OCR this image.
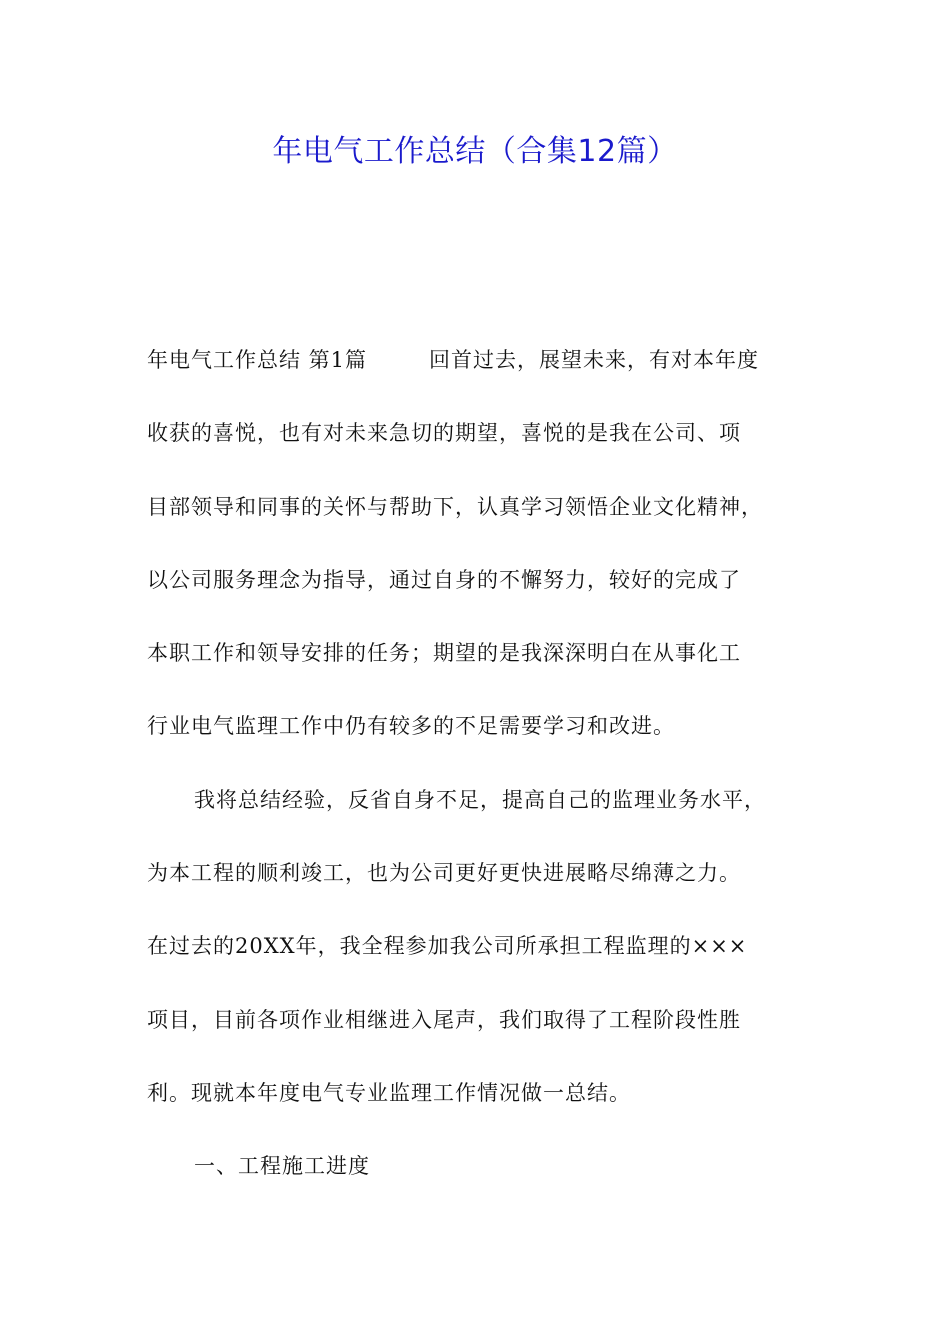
年电气工作总结（合集12篇）
年电气工作总结 第1篇	回首过去，展望未来，有对本年度
收获的喜悦，也有对未来急切的期望，喜悦的是我在公司、项
目部领导和同事的关怀与帮助下，认真学习领悟企业文化精神，
以公司服务理念为指导，通过自身的不懈努力，较好的完成了
本职工作和领导安排的任务；期望的是我深深明白在从事化工
行业电气监理工作中仍有较多的不足需要学习和改进。
我将总结经验，反省自身不足，提高自己的监理业务水平，
为本工程的顺利竣工，也为公司更好更快进展略尽绵薄之力。
在过去的20XX年，我全程参加我公司所承担工程监理的×××
项目，目前各项作业相继进入尾声，我们取得了工程阶段性胜
利。现就本年度电气专业监理工作情况做一总结。
一、工程施工进度
